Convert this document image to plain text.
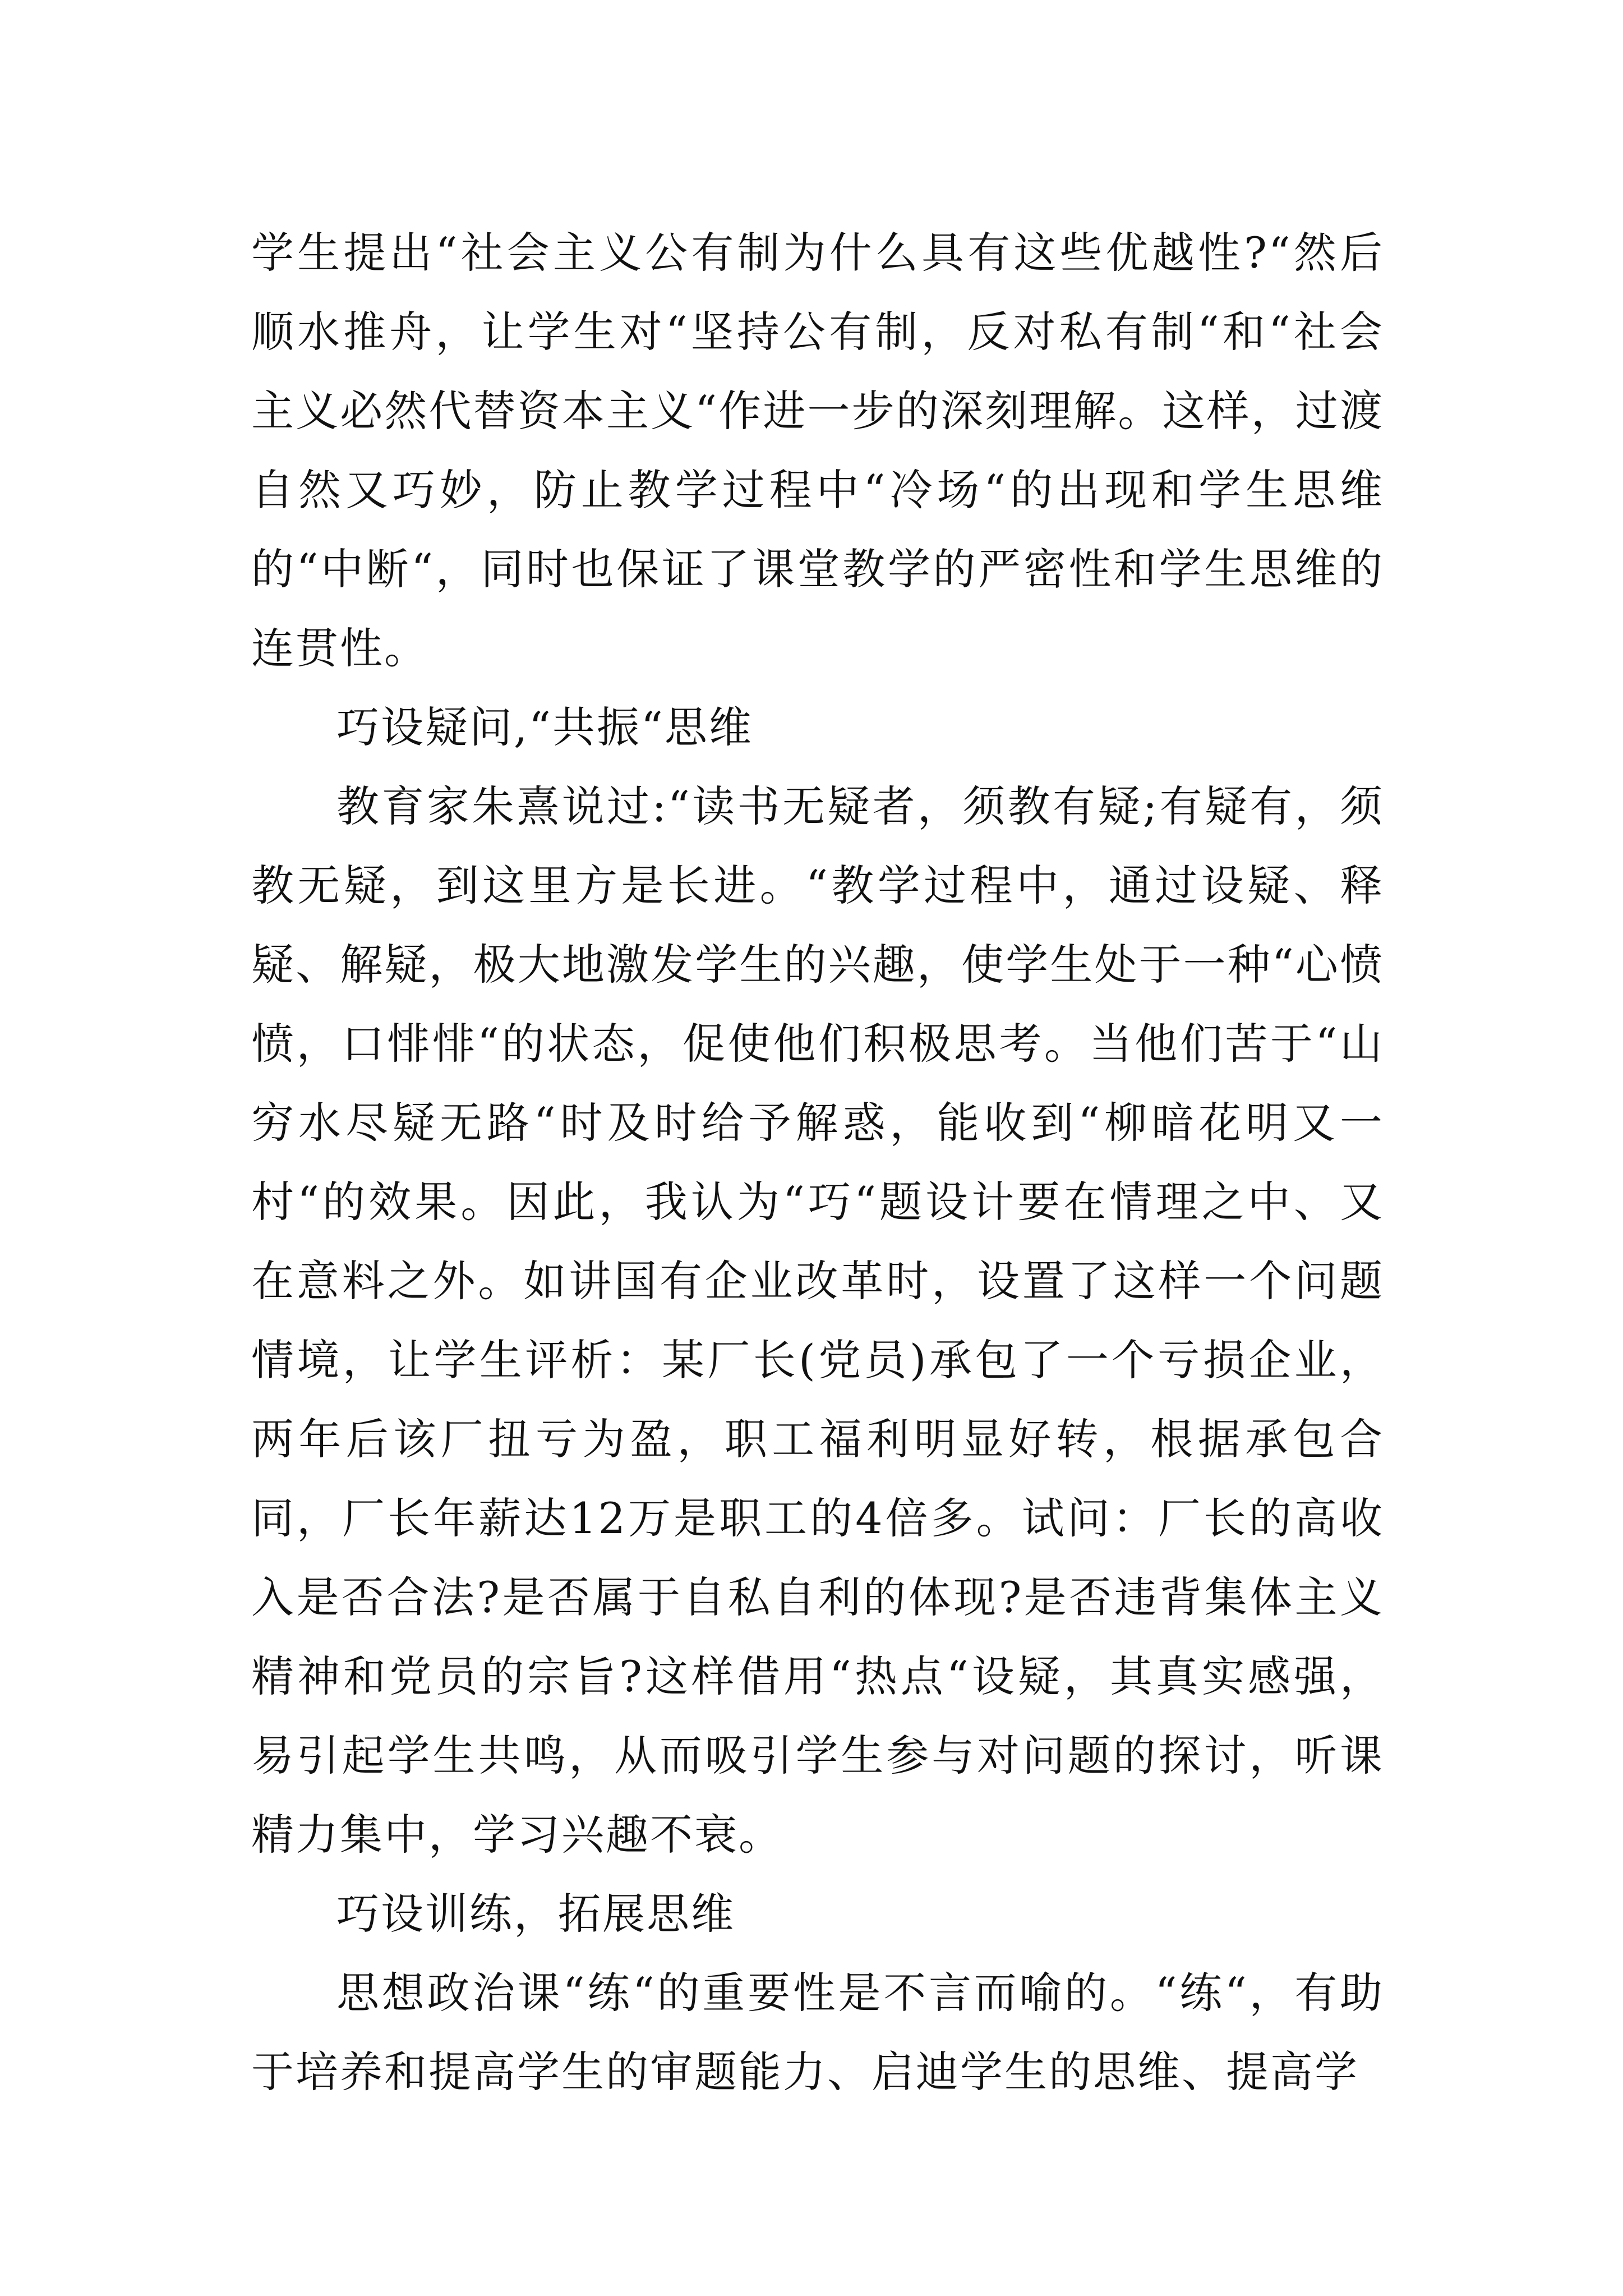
学生提出“社会主义公有制为什么具有这些优越性?“然后顺水推舟，让学生对“坚持公有制，反对私有制“和“社会主义必然代替资本主义“作进一步的深刻理解。这样，过渡自然又巧妙，防止教学过程中“冷场“的出现和学生思维的“中断“，同时也保证了课堂教学的严密性和学生思维的连贯性。

巧设疑问,“共振“思维

教育家朱熹说过:“读书无疑者，须教有疑;有疑有，须教无疑，到这里方是长进。“教学过程中，通过设疑、释疑、解疑，极大地激发学生的兴趣，使学生处于一种“心愤愤，口悱悱“的状态，促使他们积极思考。当他们苦于“山穷水尽疑无路“时及时给予解惑，能收到“柳暗花明又一村“的效果。因此，我认为“巧“题设计要在情理之中、又在意料之外。如讲国有企业改革时，设置了这样一个问题情境，让学生评析：某厂长(党员)承包了一个亏损企业，两年后该厂扭亏为盈，职工福利明显好转，根据承包合同，厂长年薪达12万是职工的4倍多。试问：厂长的高收入是否合法?是否属于自私自利的体现?是否违背集体主义精神和党员的宗旨?这样借用“热点“设疑，其真实感强，易引起学生共鸣，从而吸引学生参与对问题的探讨，听课精力集中，学习兴趣不衰。

巧设训练，拓展思维

思想政治课“练“的重要性是不言而喻的。“练“，有助于培养和提高学生的审题能力、启迪学生的思维、提高学
